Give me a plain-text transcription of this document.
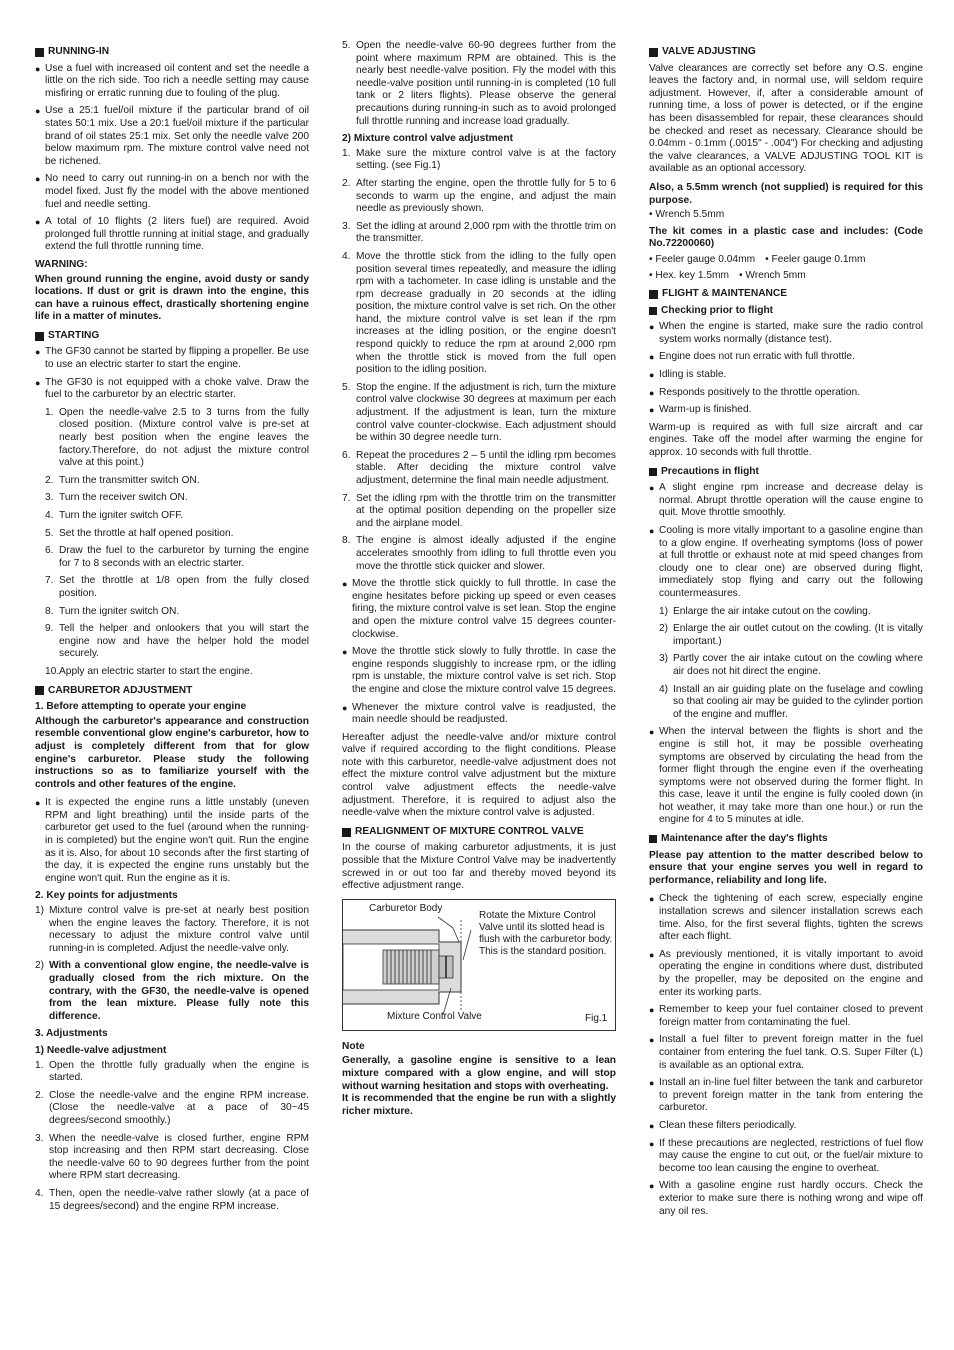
RUNNING-IN
● Use a fuel with increased oil content and set the needle a little on the rich side. Too rich a needle setting may cause misfiring or erratic running due to fouling of the plug.
● Use a 25:1 fuel/oil mixture if the particular brand of oil states 50:1 mix. Use a 20:1 fuel/oil mixture if the particular brand of oil states 25:1 mix. Set only the needle valve 200 below maximum rpm. The mixture control valve need not be richened.
● No need to carry out running-in on a bench nor with the model fixed. Just fly the model with the above mentioned fuel and needle setting.
● A total of 10 flights (2 liters fuel) are required. Avoid prolonged full throttle running at initial stage, and gradually extend the full throttle running time.
WARNING:
When ground running the engine, avoid dusty or sandy locations. If dust or grit is drawn into the engine, this can have a ruinous effect, drastically shortening engine life in a matter of minutes.
STARTING
● The GF30 cannot be started by flipping a propeller. Be use to use an electric starter to start the engine.
● The GF30 is not equipped with a choke valve. Draw the fuel to the carburetor by an electric starter.
1. Open the needle-valve 2.5 to 3 turns from the fully closed position. (Mixture control valve is pre-set at nearly best position when the engine leaves the factory.Therefore, do not adjust the mixture control valve at this point.)
2. Turn the transmitter switch ON.
3. Turn the receiver switch ON.
4. Turn the igniter switch OFF.
5. Set the throttle at half opened position.
6. Draw the fuel to the carburetor by turning the engine for 7 to 8 seconds with an electric starter.
7. Set the throttle at 1/8 open from the fully closed position.
8. Turn the igniter switch ON.
9. Tell the helper and onlookers that you will start the engine now and have the helper hold the model securely.
10. Apply an electric starter to start the engine.
CARBURETOR ADJUSTMENT
1. Before attempting to operate your engine
Although the carburetor's appearance and construction resemble conventional glow engine's carburetor, how to adjust is completely different from that for glow engine's carburetor. Please study the following instructions so as to familiarize yourself with the controls and other features of the engine.
● It is expected the engine runs a little unstably (uneven RPM and light breathing) until the inside parts of the carburetor get used to the fuel (around when the running-in is completed) but the engine won't quit. Run the engine as it is. Also, for about 10 seconds after the first starting of the day, it is expected the engine runs unstably but the engine won't quit. Run the engine as it is.
2. Key points for adjustments
1) Mixture control valve is pre-set at nearly best position when the engine leaves the factory. Therefore, it is not necessary to adjust the mixture control valve until running-in is completed. Adjust the needle-valve only.
2) With a conventional glow engine, the needle-valve is gradually closed from the rich mixture. On the contrary, with the GF30, the needle-valve is opened from the lean mixture. Please fully note this difference.
3. Adjustments
1) Needle-valve adjustment
1. Open the throttle fully gradually when the engine is started.
2. Close the needle-valve and the engine RPM increase. (Close the needle-valve at a pace of 30~45 degrees/second smoothly.)
3. When the needle-valve is closed further, engine RPM stop increasing and then RPM start decreasing. Close the needle-valve 60 to 90 degrees further from the point where RPM start decreasing.
4. Then, open the needle-valve rather slowly (at a pace of 15 degrees/second) and the engine RPM increase.
5. Open the needle-valve 60-90 degrees further from the point where maximum RPM are obtained. This is the nearly best needle-valve position. Fly the model with this needle-valve position until running-in is completed (10 full tank or 2 liters flights). Please observe the general precautions during running-in such as to avoid prolonged full throttle running and increase load gradually.
2) Mixture control valve adjustment
1. Make sure the mixture control valve is at the factory setting. (see Fig.1)
2. After starting the engine, open the throttle fully for 5 to 6 seconds to warm up the engine, and adjust the main needle as previously shown.
3. Set the idling at around 2,000 rpm with the throttle trim on the transmitter.
4. Move the throttle stick from the idling to the fully open position several times repeatedly, and measure the idling rpm with a tachometer. In case idling is unstable and the rpm decrease gradually in 20 seconds at the idling position, the mixture control valve is set rich. On the other hand, the mixture control valve is set lean if the rpm increases at the idling position, or the engine doesn't respond quickly to reduce the rpm at around 2,000 rpm when the throttle stick is moved from the full open position to the idling position.
5. Stop the engine. If the adjustment is rich, turn the mixture control valve clockwise 30 degrees at maximum per each adjustment. If the adjustment is lean, turn the mixture control valve counter-clockwise. Each adjustment should be within 30 degree needle turn.
6. Repeat the procedures 2 – 5 until the idling rpm becomes stable. After deciding the mixture control valve adjustment, determine the final main needle adjustment.
7. Set the idling rpm with the throttle trim on the transmitter at the optimal position depending on the propeller size and the airplane model.
8. The engine is almost ideally adjusted if the engine accelerates smoothly from idling to full throttle even you move the throttle stick quicker and slower.
● Move the throttle stick quickly to full throttle. In case the engine hesitates before picking up speed or even ceases firing, the mixture control valve is set lean. Stop the engine and open the mixture control valve 15 degrees counter-clockwise.
● Move the throttle stick slowly to fully throttle. In case the engine responds sluggishly to increase rpm, or the idling rpm is unstable, the mixture control valve is set rich. Stop the engine and close the mixture control valve 15 degrees.
● Whenever the mixture control valve is readjusted, the main needle should be readjusted.

Hereafter adjust the needle-valve and/or mixture control valve if required according to the flight conditions. Please note with this carburetor, needle-valve adjustment does not effect the mixture control valve adjustment but the mixture control valve adjustment effects the needle-valve adjustment. Therefore, it is required to adjust also the needle-valve when the mixture control valve is adjusted.

REALIGNMENT OF MIXTURE CONTROL VALVE

In the course of making carburetor adjustments, it is just possible that the Mixture Control Valve may be inadvertently screwed in or out too far and thereby moved beyond its effective adjustment range.

Carburetor Body
Rotate the Mixture Control Valve until its slotted head is flush with the carburetor body. This is the standard position.
Mixture Control Valve	Fig.1
Note
Generally, a gasoline engine is sensitive to a lean mixture compared with a glow engine, and will stop without warning hesitation and stops with overheating.
It is recommended that the engine be run with a slightly richer mixture.
VALVE ADJUSTING

Valve clearances are correctly set before any O.S. engine leaves the factory and, in normal use, will seldom require adjustment. However, if, after a considerable amount of running time, a loss of power is detected, or if the engine has been disassembled for repair, these clearances should be checked and reset as necessary. Clearance should be 0.04mm - 0.1mm (.0015" - .004") For checking and adjusting the valve clearances, a VALVE ADJUSTING TOOL KIT is available as an optional accessory.

Also, a 5.5mm wrench (not supplied) is required for this purpose.
• Wrench 5.5mm
The kit comes in a plastic case and includes: (Code No.72200060)
• Feeler gauge 0.04mm • Feeler gauge 0.1mm
• Hex. key 1.5mm • Wrench 5mm
FLIGHT & MAINTENANCE
Checking prior to flight
● When the engine is started, make sure the radio control system works normally (distance test).
● Engine does not run erratic with full throttle.
● Idling is stable.
● Responds positively to the throttle operation.
● Warm-up is finished.

Warm-up is required as with full size aircraft and car engines. Take off the model after warming the engine for approx. 10 seconds with full throttle.

Precautions in flight
● A slight engine rpm increase and decrease delay is normal. Abrupt throttle operation will the cause engine to quit. Move throttle smoothly.
● Cooling is more vitally important to a gasoline engine than to a glow engine. If overheating symptoms (loss of power at full throttle or exhaust note at mid speed changes from cloudy one to clear one) are observed during flight, immediately stop flying and carry out the following countermeasures.
1) Enlarge the air intake cutout on the cowling.
2) Enlarge the air outlet cutout on the cowling. (It is vitally important.)
3) Partly cover the air intake cutout on the cowling where air does not hit direct the engine.
4) Install an air guiding plate on the fuselage and cowling so that cooling air may be guided to the cylinder portion of the engine and muffler.
● When the interval between the flights is short and the engine is still hot, it may be possible overheating symptoms are observed by circulating the head from the former flight through the engine even if the overheating symptoms were not observed during the former flight. In this case, leave it until the engine is fully cooled down (in hot weather, it may take more than one hour.) or run the engine for 4 to 5 minutes at idle.
Maintenance after the day's flights
Please pay attention to the matter described below to ensure that your engine serves you well in regard to performance, reliability and long life.
● Check the tightening of each screw, especially engine installation screws and silencer installation screws each time. Also, for the first several flights, tighten the screws after each flight.
● As previously mentioned, it is vitally important to avoid operating the engine in conditions where dust, distributed by the propeller, may be deposited on the engine and enter its working parts.
● Remember to keep your fuel container closed to prevent foreign matter from contaminating the fuel.
● Install a fuel filter to prevent foreign matter in the fuel container from entering the fuel tank. O.S. Super Filter (L) is available as an optional extra.
● Install an in-line fuel filter between the tank and carburetor to prevent foreign matter in the tank from entering the carburetor.
● Clean these filters periodically.
● If these precautions are neglected, restrictions of fuel flow may cause the engine to cut out, or the fuel/air mixture to become too lean causing the engine to overheat.
● With a gasoline engine rust hardly occurs. Check the exterior to make sure there is nothing wrong and wipe off any oil res.
